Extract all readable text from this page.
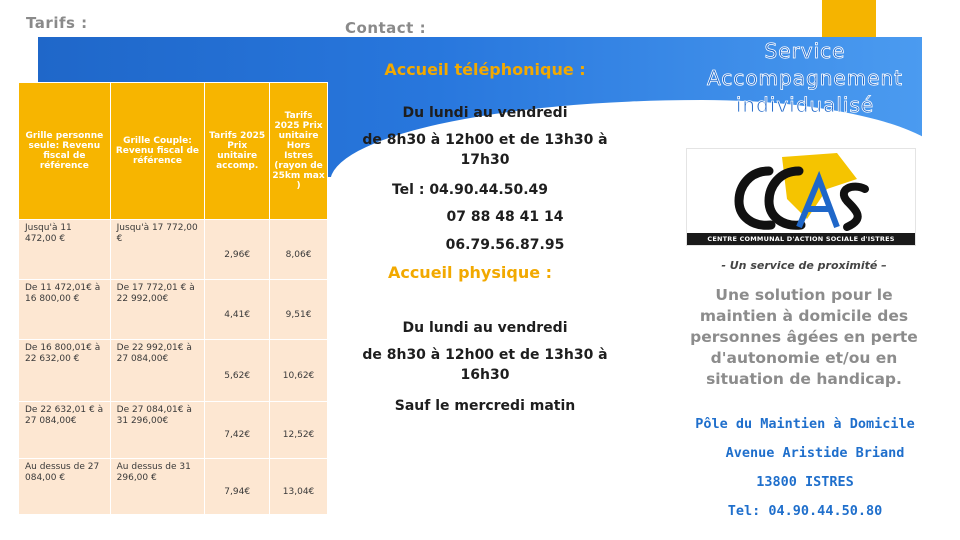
Tarifs :	Contact :
Service
Accompagnement
individualisé
Grille personne seule: Revenu fiscal de référence	Grille Couple: Revenu fiscal de référence	Tarifs 2025 Prix unitaire accomp.	Tarifs 2025 Prix unitaire Hors Istres (rayon de 25km max )
Jusqu'à 11 472,00 €	Jusqu'à 17 772,00 €	2,96€	8,06€
De 11 472,01€ à 16 800,00 €	De 17 772,01 € à 22 992,00€	4,41€	9,51€
De 16 800,01€ à 22 632,00 €	De 22 992,01€ à 27 084,00€	5,62€	10,62€
De 22 632,01 € à 27 084,00€	De 27 084,01€ à 31 296,00€	7,42€	12,52€
Au dessus de 27 084,00 €	Au dessus de 31 296,00 €	7,94€	13,04€
Accueil téléphonique :
Du lundi au vendredi
de 8h30 à 12h00 et de 13h30 à 17h30
Tel : 04.90.44.50.49
07 88 48 41 14
06.79.56.87.95
Accueil physique :
Du lundi au vendredi
de 8h30 à 12h00 et de 13h30 à 16h30
Sauf le mercredi matin
CENTRE COMMUNAL D'ACTION SOCIALE d'ISTRES
- Un service de proximité –
Une solution pour le maintien à domicile des personnes âgées en perte d'autonomie et/ou en situation de handicap.
Pôle du Maintien à Domicile
Avenue Aristide Briand
13800 ISTRES
Tel: 04.90.44.50.80
